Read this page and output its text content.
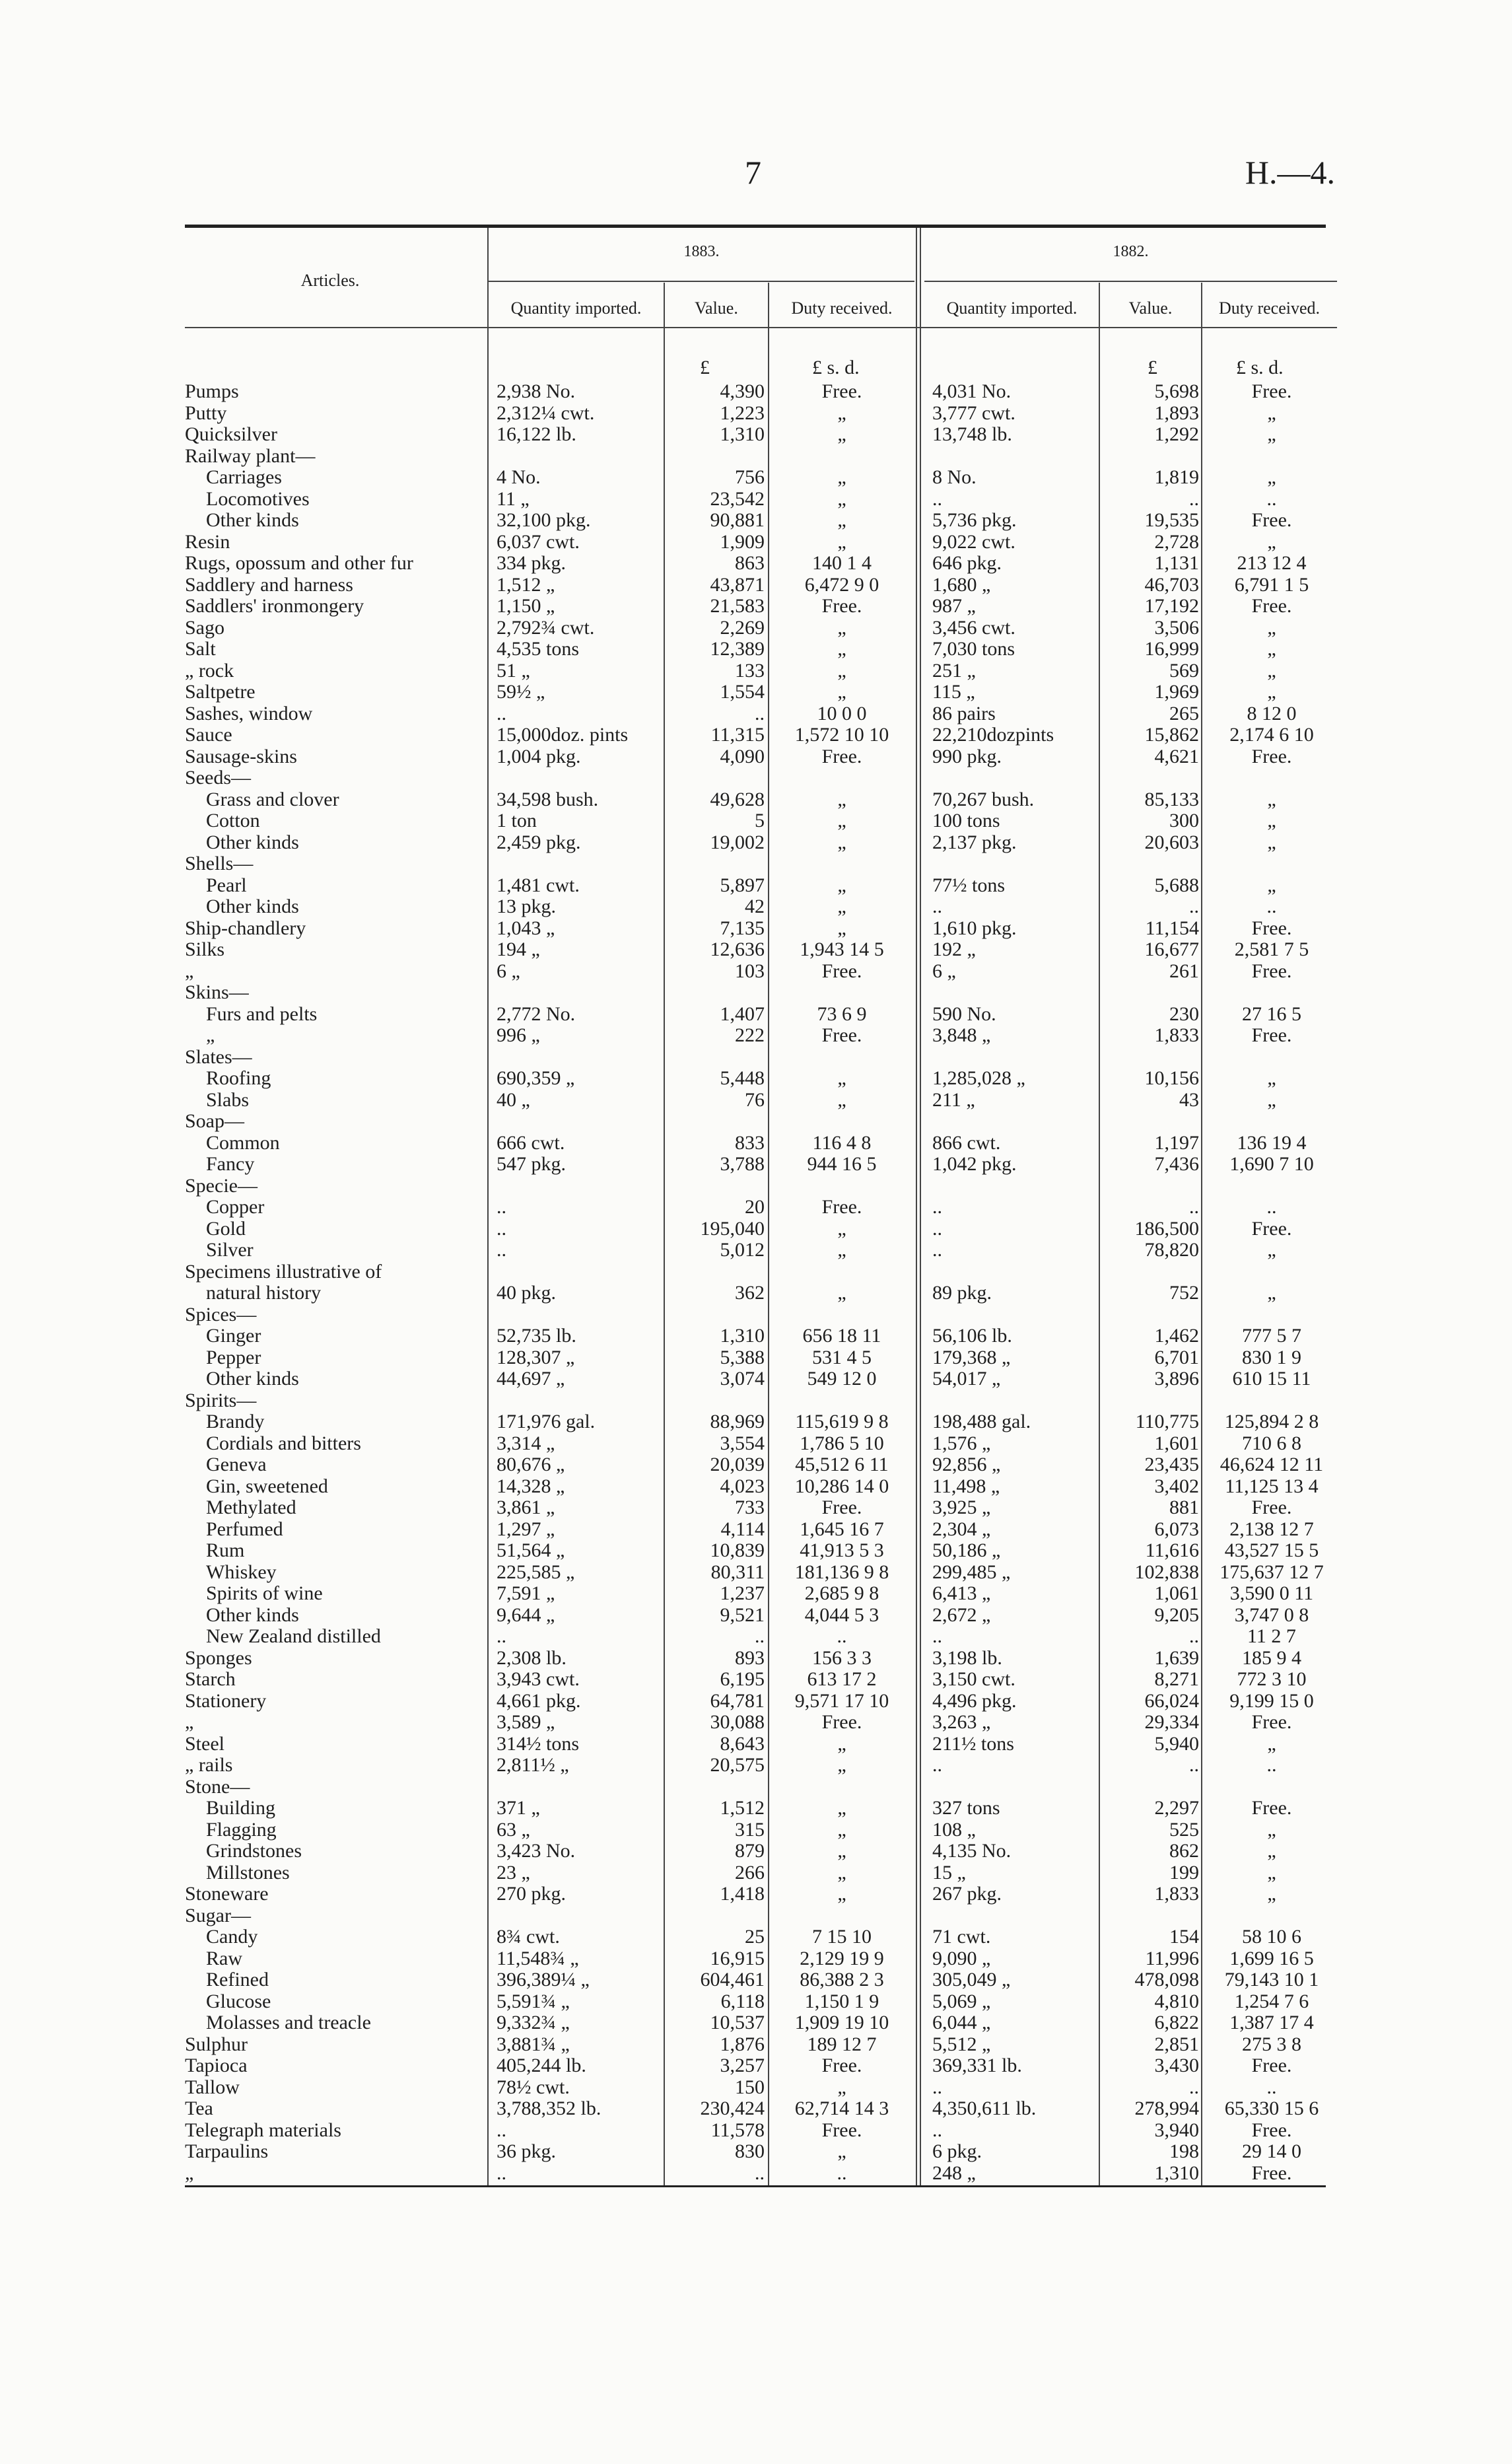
7	H.—4.
Articles.
1883.	1882.
Quantity imported.	Value.	Duty received.	Quantity imported.	Value.	Duty received.
£	£ s. d.	£	£ s. d.
Pumps	2,938 No.	4,390	Free.	4,031 No.	5,698	Free.
Putty	2,312¼ cwt.	1,223	„	3,777 cwt.	1,893	„
Quicksilver	16,122 lb.	1,310	„	13,748 lb.	1,292	„
Railway plant—
Carriages	4 No.	756	„	8 No.	1,819	„
Locomotives	11 „	23,542	„	..	..	..
Other kinds	32,100 pkg.	90,881	„	5,736 pkg.	19,535	Free.
Resin	6,037 cwt.	1,909	„	9,022 cwt.	2,728	„
Rugs, opossum and other fur	334 pkg.	863	140 1 4	646 pkg.	1,131	213 12 4
Saddlery and harness	1,512 „	43,871	6,472 9 0	1,680 „	46,703	6,791 1 5
Saddlers' ironmongery	1,150 „	21,583	Free.	987 „	17,192	Free.
Sago	2,792¾ cwt.	2,269	„	3,456 cwt.	3,506	„
Salt	4,535 tons	12,389	„	7,030 tons	16,999	„
„ rock	51 „	133	„	251 „	569	„
Saltpetre	59½ „	1,554	„	115 „	1,969	„
Sashes, window	..	..	10 0 0	86 pairs	265	8 12 0
Sauce	15,000doz. pints	11,315	1,572 10 10	22,210dozpints	15,862	2,174 6 10
Sausage-skins	1,004 pkg.	4,090	Free.	990 pkg.	4,621	Free.
Seeds—
Grass and clover	34,598 bush.	49,628	„	70,267 bush.	85,133	„
Cotton	1 ton	5	„	100 tons	300	„
Other kinds	2,459 pkg.	19,002	„	2,137 pkg.	20,603	„
Shells—
Pearl	1,481 cwt.	5,897	„	77½ tons	5,688	„
Other kinds	13 pkg.	42	„	..	..	..
Ship-chandlery	1,043 „	7,135	„	1,610 pkg.	11,154	Free.
Silks	194 „	12,636	1,943 14 5	192 „	16,677	2,581 7 5
„	6 „	103	Free.	6 „	261	Free.
Skins—
Furs and pelts	2,772 No.	1,407	73 6 9	590 No.	230	27 16 5
„	996 „	222	Free.	3,848 „	1,833	Free.
Slates—
Roofing	690,359 „	5,448	„	1,285,028 „	10,156	„
Slabs	40 „	76	„	211 „	43	„
Soap—
Common	666 cwt.	833	116 4 8	866 cwt.	1,197	136 19 4
Fancy	547 pkg.	3,788	944 16 5	1,042 pkg.	7,436	1,690 7 10
Specie—
Copper	..	20	Free.	..	..	..
Gold	..	195,040	„	..	186,500	Free.
Silver	..	5,012	„	..	78,820	„
Specimens illustrative of
natural history	40 pkg.	362	„	89 pkg.	752	„
Spices—
Ginger	52,735 lb.	1,310	656 18 11	56,106 lb.	1,462	777 5 7
Pepper	128,307 „	5,388	531 4 5	179,368 „	6,701	830 1 9
Other kinds	44,697 „	3,074	549 12 0	54,017 „	3,896	610 15 11
Spirits—
Brandy	171,976 gal.	88,969	115,619 9 8	198,488 gal.	110,775	125,894 2 8
Cordials and bitters	3,314 „	3,554	1,786 5 10	1,576 „	1,601	710 6 8
Geneva	80,676 „	20,039	45,512 6 11	92,856 „	23,435	46,624 12 11
Gin, sweetened	14,328 „	4,023	10,286 14 0	11,498 „	3,402	11,125 13 4
Methylated	3,861 „	733	Free.	3,925 „	881	Free.
Perfumed	1,297 „	4,114	1,645 16 7	2,304 „	6,073	2,138 12 7
Rum	51,564 „	10,839	41,913 5 3	50,186 „	11,616	43,527 15 5
Whiskey	225,585 „	80,311	181,136 9 8	299,485 „	102,838	175,637 12 7
Spirits of wine	7,591 „	1,237	2,685 9 8	6,413 „	1,061	3,590 0 11
Other kinds	9,644 „	9,521	4,044 5 3	2,672 „	9,205	3,747 0 8
New Zealand distilled	..	..	..	..	..	11 2 7
Sponges	2,308 lb.	893	156 3 3	3,198 lb.	1,639	185 9 4
Starch	3,943 cwt.	6,195	613 17 2	3,150 cwt.	8,271	772 3 10
Stationery	4,661 pkg.	64,781	9,571 17 10	4,496 pkg.	66,024	9,199 15 0
„	3,589 „	30,088	Free.	3,263 „	29,334	Free.
Steel	314½ tons	8,643	„	211½ tons	5,940	„
„ rails	2,811½ „	20,575	„	..	..	..
Stone—
Building	371 „	1,512	„	327 tons	2,297	Free.
Flagging	63 „	315	„	108 „	525	„
Grindstones	3,423 No.	879	„	4,135 No.	862	„
Millstones	23 „	266	„	15 „	199	„
Stoneware	270 pkg.	1,418	„	267 pkg.	1,833	„
Sugar—
Candy	8¾ cwt.	25	7 15 10	71 cwt.	154	58 10 6
Raw	11,548¾ „	16,915	2,129 19 9	9,090 „	11,996	1,699 16 5
Refined	396,389¼ „	604,461	86,388 2 3	305,049 „	478,098	79,143 10 1
Glucose	5,591¾ „	6,118	1,150 1 9	5,069 „	4,810	1,254 7 6
Molasses and treacle	9,332¾ „	10,537	1,909 19 10	6,044 „	6,822	1,387 17 4
Sulphur	3,881¾ „	1,876	189 12 7	5,512 „	2,851	275 3 8
Tapioca	405,244 lb.	3,257	Free.	369,331 lb.	3,430	Free.
Tallow	78½ cwt.	150	„	..	..	..
Tea	3,788,352 lb.	230,424	62,714 14 3	4,350,611 lb.	278,994	65,330 15 6
Telegraph materials	..	11,578	Free.	..	3,940	Free.
Tarpaulins	36 pkg.	830	„	6 pkg.	198	29 14 0
„	..	..	..	248 „	1,310	Free.
